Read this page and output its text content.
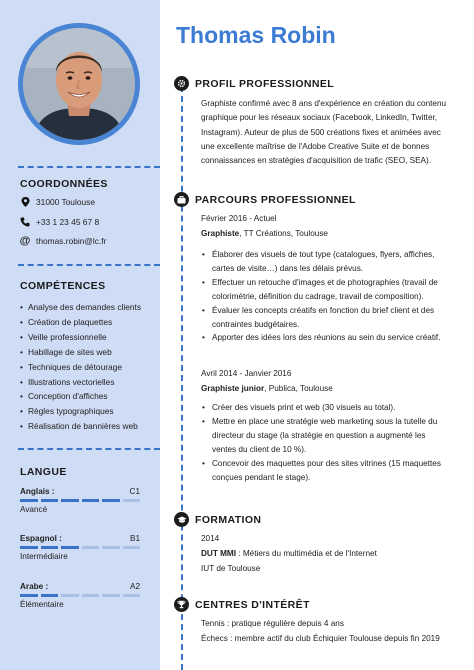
COORDONNÉES
31000 Toulouse
+33 1 23 45 67 8
@ thomas.robin@lc.fr
COMPÉTENCES
• Analyse des demandes clients
• Création de plaquettes
• Veille professionnelle
• Habillage de sites web
• Techniques de détourage
• Illustrations vectorielles
• Conception d'affiches
• Règles typographiques
• Réalisation de bannières web
LANGUE
Anglais :	C1
Avancé
Espagnol :	B1
Intermédiaire
Arabe :	A2
Élémentaire
Thomas Robin
PROFIL PROFESSIONNEL
Graphiste confirmé avec 8 ans d'expérience en création du contenu graphique pour les réseaux sociaux (Facebook, LinkedIn, Twitter, Instagram). Auteur de plus de 500 créations fixes et animées avec une excellente maîtrise de l'Adobe Creative Suite et de bonnes connaissances en stratégies d'acquisition de trafic (SEO, SEA).
PARCOURS PROFESSIONNEL
Février 2016 - Actuel
Graphiste, TT Créations, Toulouse
• Élaborer des visuels de tout type (catalogues, flyers, affiches, cartes de visite…) dans les délais prévus.
• Effectuer un retouche d'images et de photographies (travail de colorimétrie, définition du cadrage, travail de composition).
• Évaluer les concepts créatifs en fonction du brief client et des contraintes budgétaires.
• Apporter des idées lors des réunions au sein du service créatif.
Avril 2014 - Janvier 2016
Graphiste junior, Publica, Toulouse
• Créer des visuels print et web (30 visuels au total).
• Mettre en place une stratégie web marketing sous la tutelle du directeur du stage (la stratégie en question a augmenté les ventes du client de 10 %).
• Concevoir des maquettes pour des sites vitrines (15 maquettes conçues pendant le stage).
FORMATION
2014
DUT MMI : Métiers du multimédia et de l'Internet
IUT de Toulouse
CENTRES D'INTÉRÊT
Tennis : pratique régulière depuis 4 ans
Échecs : membre actif du club Échiquier Toulouse depuis fin 2019
